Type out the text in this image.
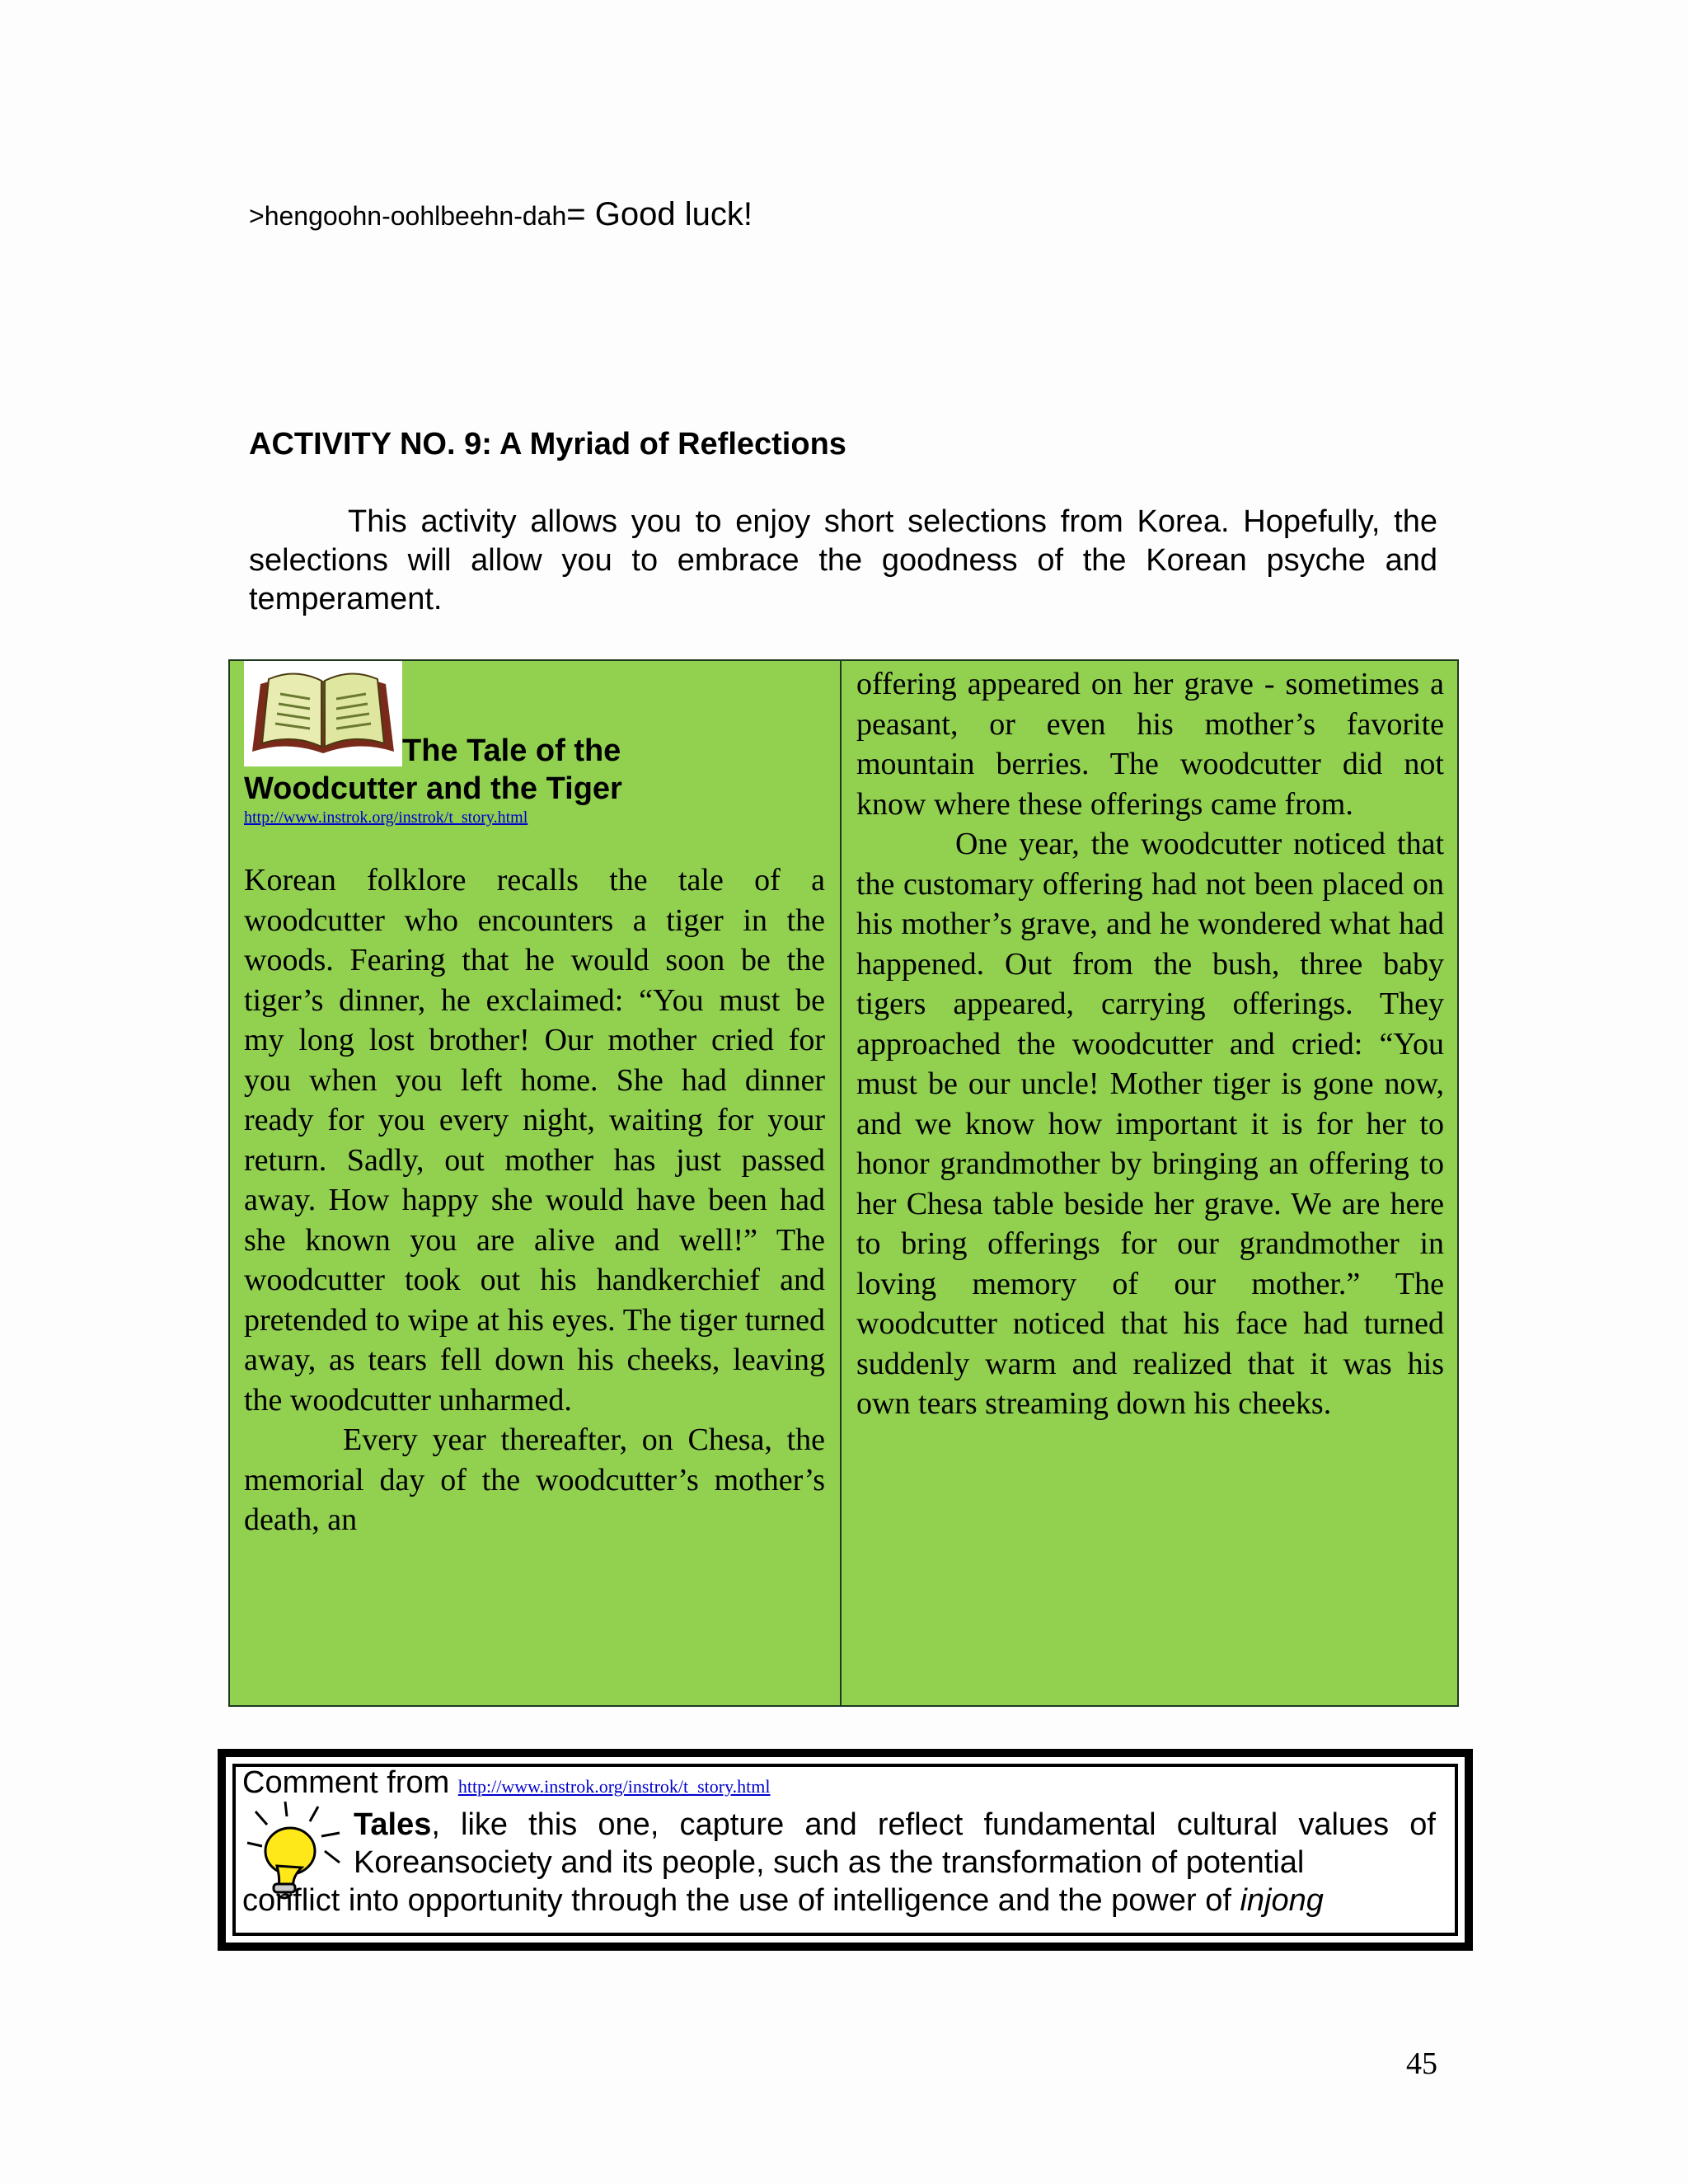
>hengoohn-oohlbeehn-dah= Good luck!
ACTIVITY NO. 9: A Myriad of Reflections

This activity allows you to enjoy short selections from Korea. Hopefully, the selections will allow you to embrace the goodness of the Korean psyche and temperament.

The Tale of the
Woodcutter and the Tiger
http://www.instrok.org/instrok/t_story.html

Korean folklore recalls the tale of a woodcutter who encounters a tiger in the woods. Fearing that he would soon be the tiger’s dinner, he exclaimed: “You must be my long lost brother! Our mother cried for you when you left home. She had dinner ready for you every night, waiting for your return. Sadly, out mother has just passed away. How happy she would have been had she known you are alive and well!” The woodcutter took out his handkerchief and pretended to wipe at his eyes. The tiger turned away, as tears fell down his cheeks, leaving the woodcutter unharmed.

Every year thereafter, on Chesa, the memorial day of the woodcutter’s mother’s death, an

offering appeared on her grave - sometimes a peasant, or even his mother’s favorite mountain berries. The woodcutter did not know where these offerings came from.

One year, the woodcutter noticed that the customary offering had not been placed on his mother’s grave, and he wondered what had happened. Out from the bush, three baby tigers appeared, carrying offerings. They approached the woodcutter and cried: “You must be our uncle! Mother tiger is gone now, and we know how important it is for her to honor grandmother by bringing an offering to her Chesa table beside her grave. We are here to bring offerings for our grandmother in loving memory of our mother.” The woodcutter noticed that his face had turned suddenly warm and realized that it was his own tears streaming down his cheeks.

Comment from http://www.instrok.org/instrok/t_story.html

Tales, like this one, capture and reflect fundamental cultural values of Koreansociety and its people, such as the transformation of potential

conflict into opportunity through the use of intelligence and the power of injong

45
